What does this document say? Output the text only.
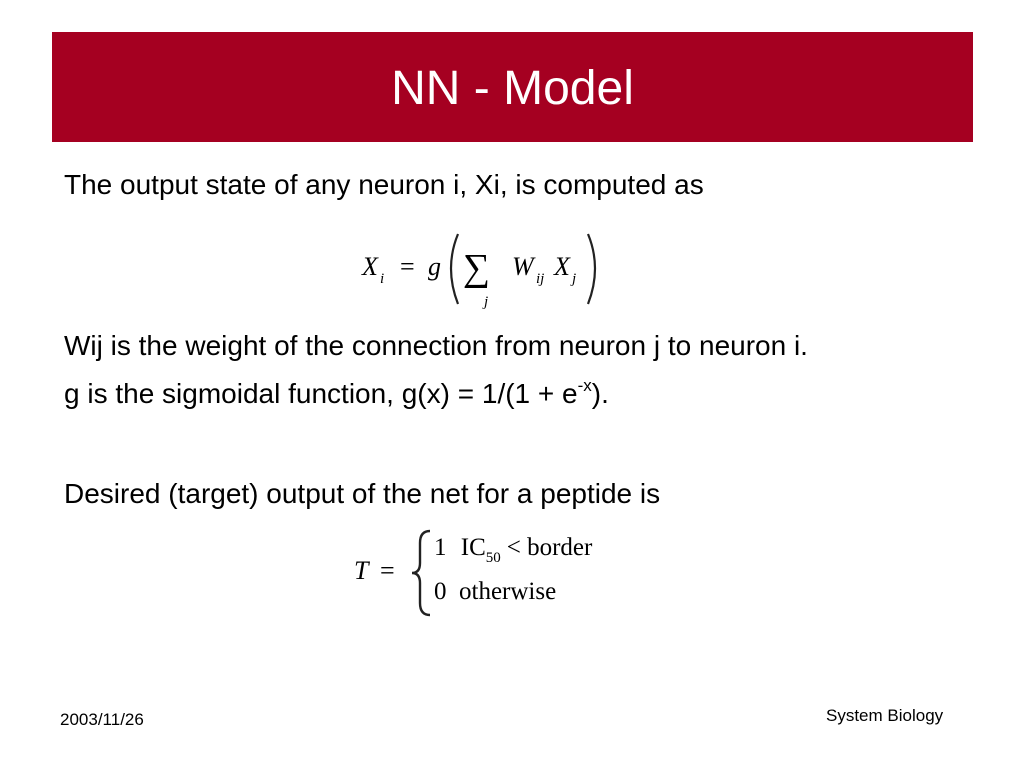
NN - Model
The output state of any neuron i, Xi, is computed as
X i = g ∑
j
W ij X j
Wij is the weight of the connection from neuron j to neuron i.
g is the sigmoidal function, $g(x) = 1/(1 + e^{-x})$.
Desired (target) output of the net for a peptide is
T =
1 $IC_{50}$ < border
0  otherwise
2003/11/26	System Biology
